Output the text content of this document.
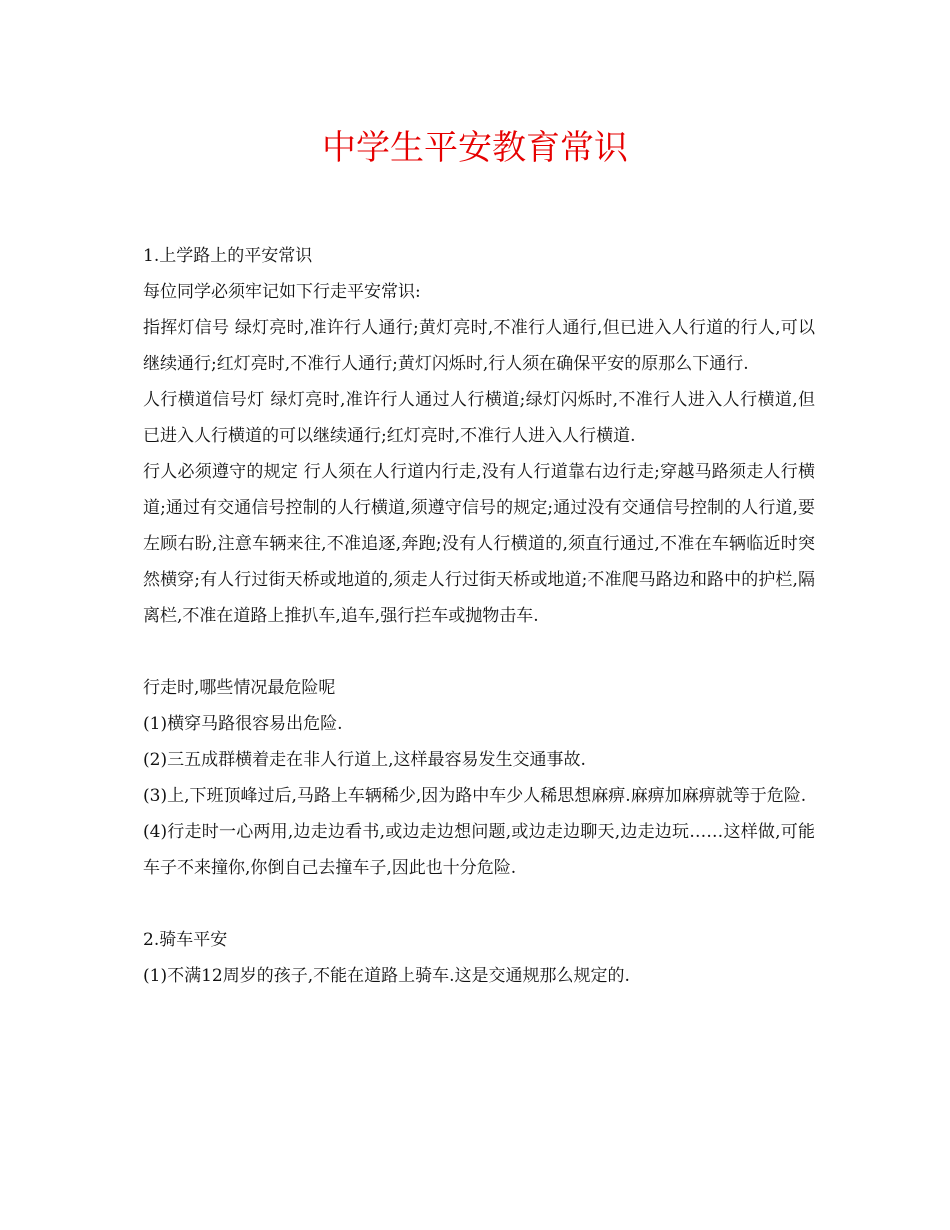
中学生平安教育常识

1.上学路上的平安常识

每位同学必须牢记如下行走平安常识:

指挥灯信号 绿灯亮时,准许行人通行;黄灯亮时,不准行人通行,但已进入人行道的行人,可以继续通行;红灯亮时,不准行人通行;黄灯闪烁时,行人须在确保平安的原那么下通行.

人行横道信号灯 绿灯亮时,准许行人通过人行横道;绿灯闪烁时,不准行人进入人行横道,但已进入人行横道的可以继续通行;红灯亮时,不准行人进入人行横道.

行人必须遵守的规定 行人须在人行道内行走,没有人行道靠右边行走;穿越马路须走人行横道;通过有交通信号控制的人行横道,须遵守信号的规定;通过没有交通信号控制的人行道,要左顾右盼,注意车辆来往,不准追逐,奔跑;没有人行横道的,须直行通过,不准在车辆临近时突然横穿;有人行过街天桥或地道的,须走人行过街天桥或地道;不准爬马路边和路中的护栏,隔离栏,不准在道路上推扒车,追车,强行拦车或抛物击车.

行走时,哪些情况最危险呢

(1)横穿马路很容易出危险.

(2)三五成群横着走在非人行道上,这样最容易发生交通事故.

(3)上,下班顶峰过后,马路上车辆稀少,因为路中车少人稀思想麻痹.麻痹加麻痹就等于危险.

(4)行走时一心两用,边走边看书,或边走边想问题,或边走边聊天,边走边玩……这样做,可能车子不来撞你,你倒自己去撞车子,因此也十分危险.

2.骑车平安

(1)不满12周岁的孩子,不能在道路上骑车.这是交通规那么规定的.
